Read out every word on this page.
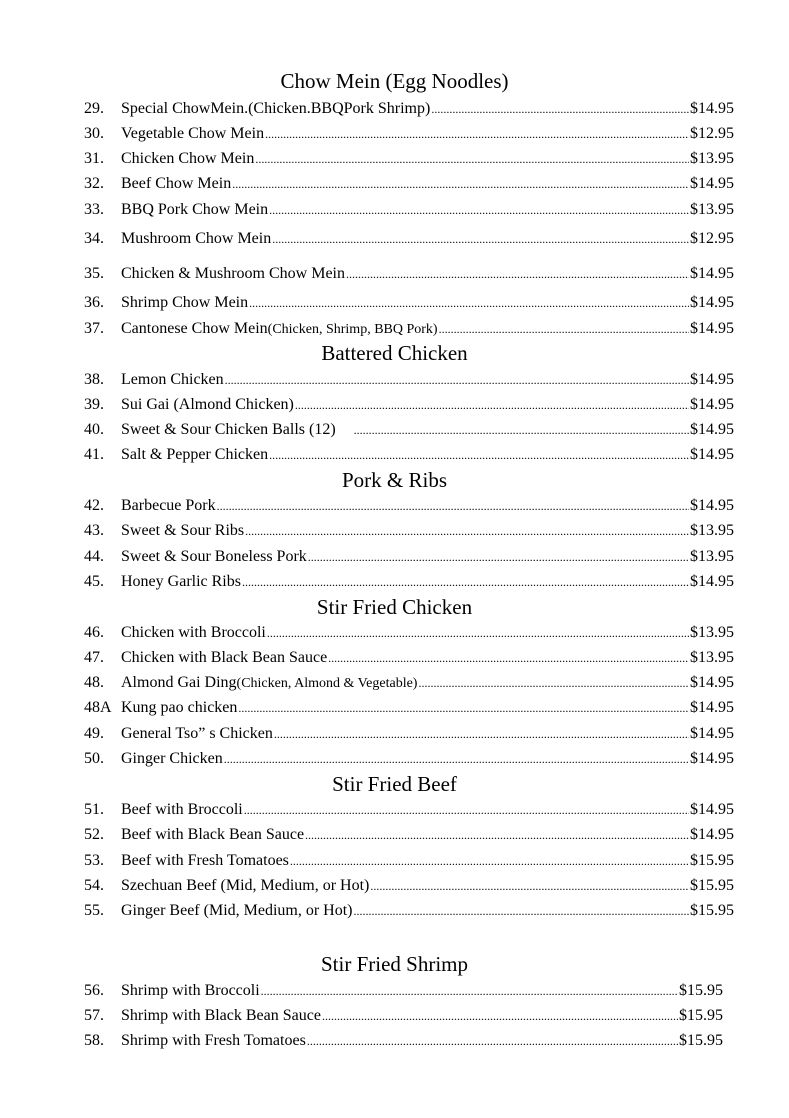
Chow Mein (Egg Noodles)
29.	Special ChowMein.(Chicken.BBQPork Shrimp) .....	$14.95
30.	Vegetable Chow Mein .....	$12.95
31.	Chicken Chow Mein .....	$13.95
32.	Beef Chow Mein .....	$14.95
33.	BBQ Pork Chow Mein .....	$13.95
34.	Mushroom Chow Mein .....	$12.95
35.	Chicken & Mushroom Chow Mein .....	$14.95
36.	Shrimp Chow Mein .....	$14.95
37.	Cantonese Chow Mein (Chicken, Shrimp, BBQ Pork) .....	$14.95
Battered Chicken
38.	Lemon Chicken .....	$14.95
39.	Sui Gai (Almond Chicken) .....	$14.95
40.	Sweet & Sour Chicken Balls (12) .....	$14.95
41.	Salt & Pepper Chicken .....	$14.95
Pork & Ribs
42.	Barbecue Pork .....	$14.95
43.	Sweet & Sour Ribs .....	$13.95
44.	Sweet & Sour Boneless Pork .....	$13.95
45.	Honey Garlic Ribs .....	$14.95
Stir Fried Chicken
46.	Chicken with Broccoli .....	$13.95
47.	Chicken with Black Bean Sauce .....	$13.95
48.	Almond Gai Ding (Chicken, Almond & Vegetable) .....	$14.95
48A Kung pao chicken .....	$14.95
49.	General Tso” s Chicken .....	$14.95
50.	Ginger Chicken .....	$14.95
Stir Fried Beef
51.	Beef with Broccoli .....	$14.95
52.	Beef with Black Bean Sauce .....	$14.95
53.	Beef with Fresh Tomatoes .....	$15.95
54.	Szechuan Beef (Mid, Medium, or Hot) .....	$15.95
55.	Ginger Beef (Mid, Medium, or Hot) .....	$15.95
Stir Fried Shrimp
56.	Shrimp with Broccoli .....	$15.95
57.	Shrimp with Black Bean Sauce .....	$15.95
58.	Shrimp with Fresh Tomatoes .....	$15.95
